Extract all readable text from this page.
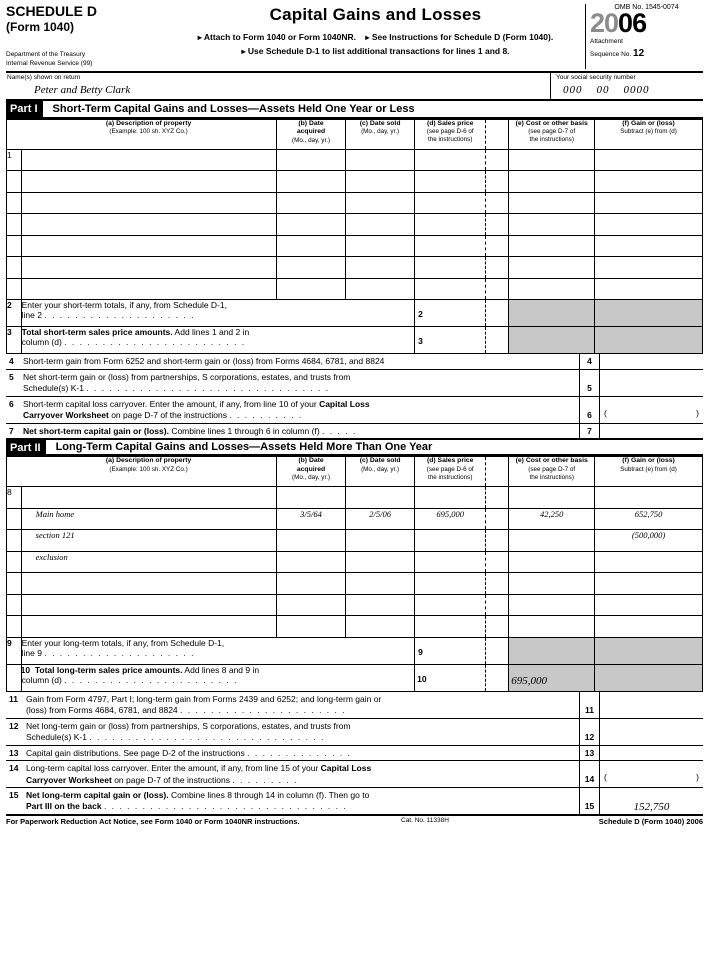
SCHEDULE D
(Form 1040)
Department of the Treasury
Internal Revenue Service (99)
Capital Gains and Losses
▸ Attach to Form 1040 or Form 1040NR. ▸ See Instructions for Schedule D (Form 1040).
▸ Use Schedule D-1 to list additional transactions for lines 1 and 8.
OMB No. 1545-0074
2006
Attachment
Sequence No. 12
Name(s) shown on return
Peter and Betty Clark
Your social security number
000 00 0000
Part I	Short-Term Capital Gains and Losses—Assets Held One Year or Less
	(a) Description of property
(Example: 100 sh. XYZ Co.)	(b) Date
acquired
(Mo., day, yr.)	(c) Date sold
(Mo., day, yr.)	(d) Sales price
(see page D-6 of
the instructions)		(e) Cost or other basis
(see page D-7 of
the instructions)	(f) Gain or (loss)
Subtract (e) from (d)
1							

2	Enter your short-term totals, if any, from Schedule D-1,
line 2 . . . . . . . . . . . . . . . . . . . .			2			

3	Total short-term sales price amounts. Add lines 1 and 2 in
column (d) . . . . . . . . . . . . . . . . . . . . . . . .			3			

4	Short-term gain from Form 6252 and short-term gain or (loss) from Forms 4684, 6781, and 8824	4
5	Net short-term gain or (loss) from partnerships, S corporations, estates, and trusts from
Schedule(s) K-1 . . . . . . . . . . . . . . . . . . . . . . . . . . . . . . . .	5
6	Short-term capital loss carryover. Enter the amount, if any, from line 10 of your Capital Loss
Carryover Worksheet on page D-7 of the instructions . . . . . . . . . .	6	(	)
7	Net short-term capital gain or (loss). Combine lines 1 through 6 in column (f) . . . . .	7
Part II	Long-Term Capital Gains and Losses—Assets Held More Than One Year
	(a) Description of property
(Example: 100 sh. XYZ Co.)	(b) Date
acquired
(Mo., day, yr.)	(c) Date sold
(Mo., day, yr.)	(d) Sales price
(see page D-6 of
the instructions)		(e) Cost or other basis
(see page D-7 of
the instructions)	(f) Gain or (loss)
Subtract (e) from (d)
8							
	Main home	3/5/64	2/5/06	695,000		42,250	652,750
	section 121						(500,000)
	exclusion						

9	Enter your long-term totals, if any, from Schedule D-1,
line 9 . . . . . . . . . . . . . . . . . . . .			9			

	10 Total long-term sales price amounts. Add lines 8 and 9 in
column (d) . . . . . . . . . . . . . . . . . . . . . . .			10		695,000	

11 Gain from Form 4797, Part I; long-term gain from Forms 2439 and 6252; and long-term gain or
(loss) from Forms 4684, 6781, and 8824 . . . . . . . . . . . . . . . . . . . . . .	11
12 Net long-term gain or (loss) from partnerships, S corporations, estates, and trusts from
Schedule(s) K-1 . . . . . . . . . . . . . . . . . . . . . . . . . . . . . . .	12
13 Capital gain distributions. See page D-2 of the instructions . . . . . . . . . . . . . .	13
14 Long-term capital loss carryover. Enter the amount, if any, from line 15 of your Capital Loss
Carryover Worksheet on page D-7 of the instructions . . . . . . . . .	14	(	)
15 Net long-term capital gain or (loss). Combine lines 8 through 14 in column (f). Then go to
Part III on the back . . . . . . . . . . . . . . . . . . . . . . . . . . . . . . . .	15	152,750
For Paperwork Reduction Act Notice, see Form 1040 or Form 1040NR instructions.	Cat. No. 11338H	Schedule D (Form 1040) 2006
